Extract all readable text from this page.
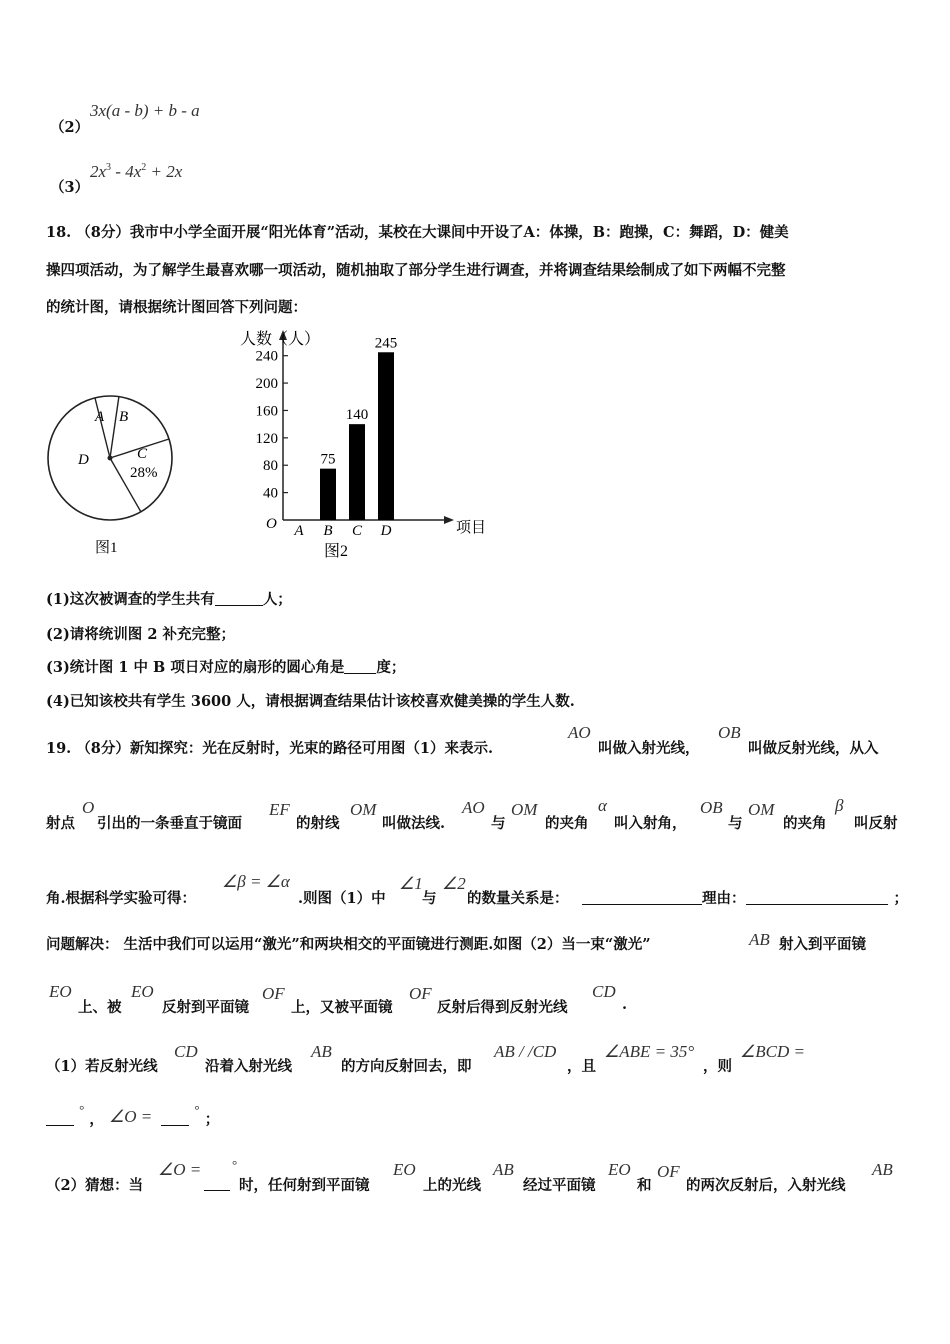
（2）
3x(a - b) + b - a
（3）
$2x^3 - 4x^2 + 2x$
18. （8分）我市中小学全面开展“阳光体育”活动，某校在大课间中开设了A：体操，B：跑操，C：舞蹈，D：健美
操四项活动，为了解学生最喜欢哪一项活动，随机抽取了部分学生进行调查，并将调查结果绘制成了如下两幅不完整
的统计图，请根据统计图回答下列问题：
A B
C
28%
D
图1
人数（人）
项目
O
图2
40
80
120
160
200
240
A B
75
C
140
D
245
(1)这次被调查的学生共有	人；
(2)请将统训图 2 补充完整；
(3)统计图 1 中 B 项日对应的扇形的圆心角是 度；
(4)已知该校共有学生 3600 人，请根据调查结果估计该校喜欢健美操的学生人数.
19. （8分）新知探究：光在反射时，光束的路径可用图（1）来表示.
AO
叫做入射光线，
OB
叫做反射光线，从入
射点
O
引出的一条垂直于镜面
EF
的射线
OM
叫做法线.
AO
与
OM
的夹角
α
叫入射角，
OB
与
OM
的夹角
β
叫反射
角.根据科学实验可得：
∠β = ∠α
.则图（1）中
∠1
与
∠2
的数量关系是：	理由：	；
问题解决： 生活中我们可以运用“激光”和两块相交的平面镜进行测距.如图（2）当一束“激光”	AB 射入到平面镜
EO
上、被
EO
反射到平面镜
OF
上，又被平面镜
OF
反射后得到反射光线
CD
.
（1）若反射光线
CD
沿着入射光线
AB
的方向反射回去，即
AB / /CD
，且
∠ABE = 35°
，则
∠BCD =
° ， ∠O =	° ；
（2）猜想：当
∠O = °
时，任何射到平面镜
EO
上的光线
AB
经过平面镜
EO
和
OF
的两次反射后，入射光线
AB
